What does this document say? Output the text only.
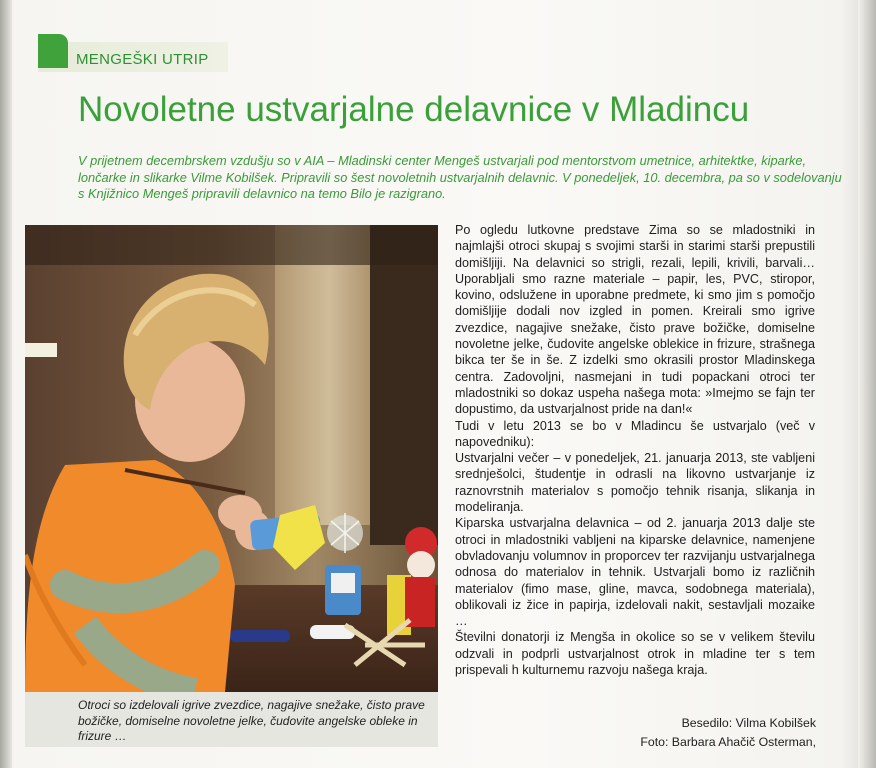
MENGEŠKI UTRIP
Novoletne ustvarjalne delavnice v Mladincu
V prijetnem decembrskem vzdušju so v AIA – Mladinski center Mengeš ustvarjali pod mentorstvom umetnice, arhitektke, kiparke, lončarke in slikarke Vilme Kobilšek. Pripravili so šest novoletnih ustvarjalnih delavnic. V ponedeljek, 10. decembra, pa so v sodelovanju s Knjižnico Mengeš pripravili delavnico na temo Bilo je razigrano.
Otroci so izdelovali igrive zvezdice, nagajive snežake, čisto prave božičke, domiselne novoletne jelke, čudovite angelske obleke in frizure …

Po ogledu lutkovne predstave Zima so se mladostniki in najmlajši otroci skupaj s svojimi starši in starimi starši prepustili domišljiji. Na delavnici so strigli, rezali, lepili, krivili, barvali… Uporabljali smo razne materiale – papir, les, PVC, stiropor, kovino, odslužene in uporabne predmete, ki smo jim s pomočjo domišljije dodali nov izgled in pomen. Kreirali smo igrive zvezdice, nagajive snežake, čisto prave božičke, domiselne novoletne jelke, čudovite angelske oblekice in frizure, strašnega bikca ter še in še. Z izdelki smo okrasili prostor Mladinskega centra. Zadovoljni, nasmejani in tudi popackani otroci ter mladostniki so dokaz uspeha našega mota: »Imejmo se fajn ter dopustimo, da ustvarjalnost pride na dan!«

Tudi v letu 2013 se bo v Mladincu še ustvarjalo (več v napovedniku):

Ustvarjalni večer – v ponedeljek, 21. januarja 2013, ste vabljeni srednješolci, študentje in odrasli na likovno ustvarjanje iz raznovrstnih materialov s pomočjo tehnik risanja, slikanja in modeliranja.

Kiparska ustvarjalna delavnica – od 2. januarja 2013 dalje ste otroci in mladostniki vabljeni na kiparske delavnice, namenjene obvladovanju volumnov in proporcev ter razvijanju ustvarjalnega odnosa do materialov in tehnik. Ustvarjali bomo iz različnih materialov (fimo mase, gline, mavca, sodobnega materiala), oblikovali iz žice in papirja, izdelovali nakit, sestavljali mozaike …

Številni donatorji iz Mengša in okolice so se v velikem številu odzvali in podprli ustvarjalnost otrok in mladine ter s tem prispevali h kulturnemu razvoju našega kraja.

Besedilo: Vilma Kobilšek
Foto: Barbara Ahačič Osterman,
